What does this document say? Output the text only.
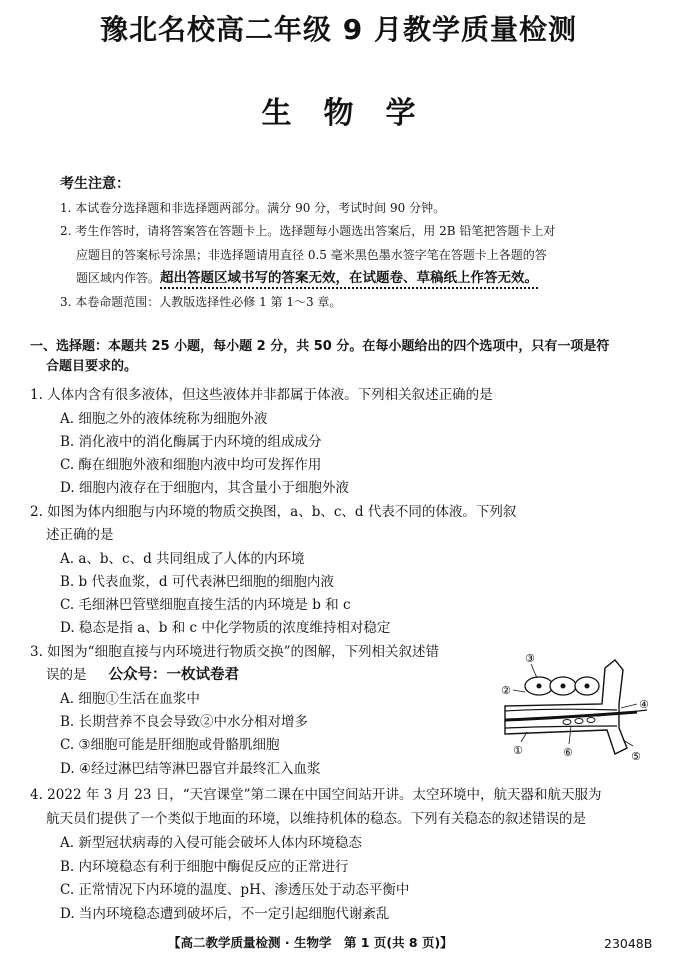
豫北名校高二年级 9 月教学质量检测
生物学
考生注意：
1. 本试卷分选择题和非选择题两部分。满分 90 分，考试时间 90 分钟。
2. 考生作答时，请将答案答在答题卡上。选择题每小题选出答案后，用 2B 铅笔把答题卡上对
应题目的答案标号涂黑；非选择题请用直径 0.5 毫米黑色墨水签字笔在答题卡上各题的答
题区域内作答。超出答题区域书写的答案无效，在试题卷、草稿纸上作答无效。
3. 本卷命题范围：人教版选择性必修 1 第 1～3 章。
一、选择题：本题共 25 小题，每小题 2 分，共 50 分。在每小题给出的四个选项中，只有一项是符
合题目要求的。
1. 人体内含有很多液体，但这些液体并非都属于体液。下列相关叙述正确的是
A. 细胞之外的液体统称为细胞外液
B. 消化液中的消化酶属于内环境的组成成分
C. 酶在细胞外液和细胞内液中均可发挥作用
D. 细胞内液存在于细胞内，其含量小于细胞外液
2. 如图为体内细胞与内环境的物质交换图，a、b、c、d 代表不同的体液。下列叙
述正确的是
A. a、b、c、d 共同组成了人体的内环境
B. b 代表血浆，d 可代表淋巴细胞的细胞内液
C. 毛细淋巴管壁细胞直接生活的内环境是 b 和 c
D. 稳态是指 a、b 和 c 中化学物质的浓度维持相对稳定
3. 如图为“细胞直接与内环境进行物质交换”的图解，下列相关叙述错
误的是 公众号：一枚试卷君
A. 细胞①生活在血浆中
B. 长期营养不良会导致②中水分相对增多
C. ③细胞可能是肝细胞或骨骼肌细胞
D. ④经过淋巴结等淋巴器官并最终汇入血浆
③
②
④
⑤
①	⑥
4. 2022 年 3 月 23 日，“天宫课堂”第二课在中国空间站开讲。太空环境中，航天器和航天服为
航天员们提供了一个类似于地面的环境，以维持机体的稳态。下列有关稳态的叙述错误的是
A. 新型冠状病毒的入侵可能会破坏人体内环境稳态
B. 内环境稳态有利于细胞中酶促反应的正常进行
C. 正常情况下内环境的温度、pH、渗透压处于动态平衡中
D. 当内环境稳态遭到破坏后，不一定引起细胞代谢紊乱
【高二教学质量检测 · 生物学　第 1 页(共 8 页)】	23048B
